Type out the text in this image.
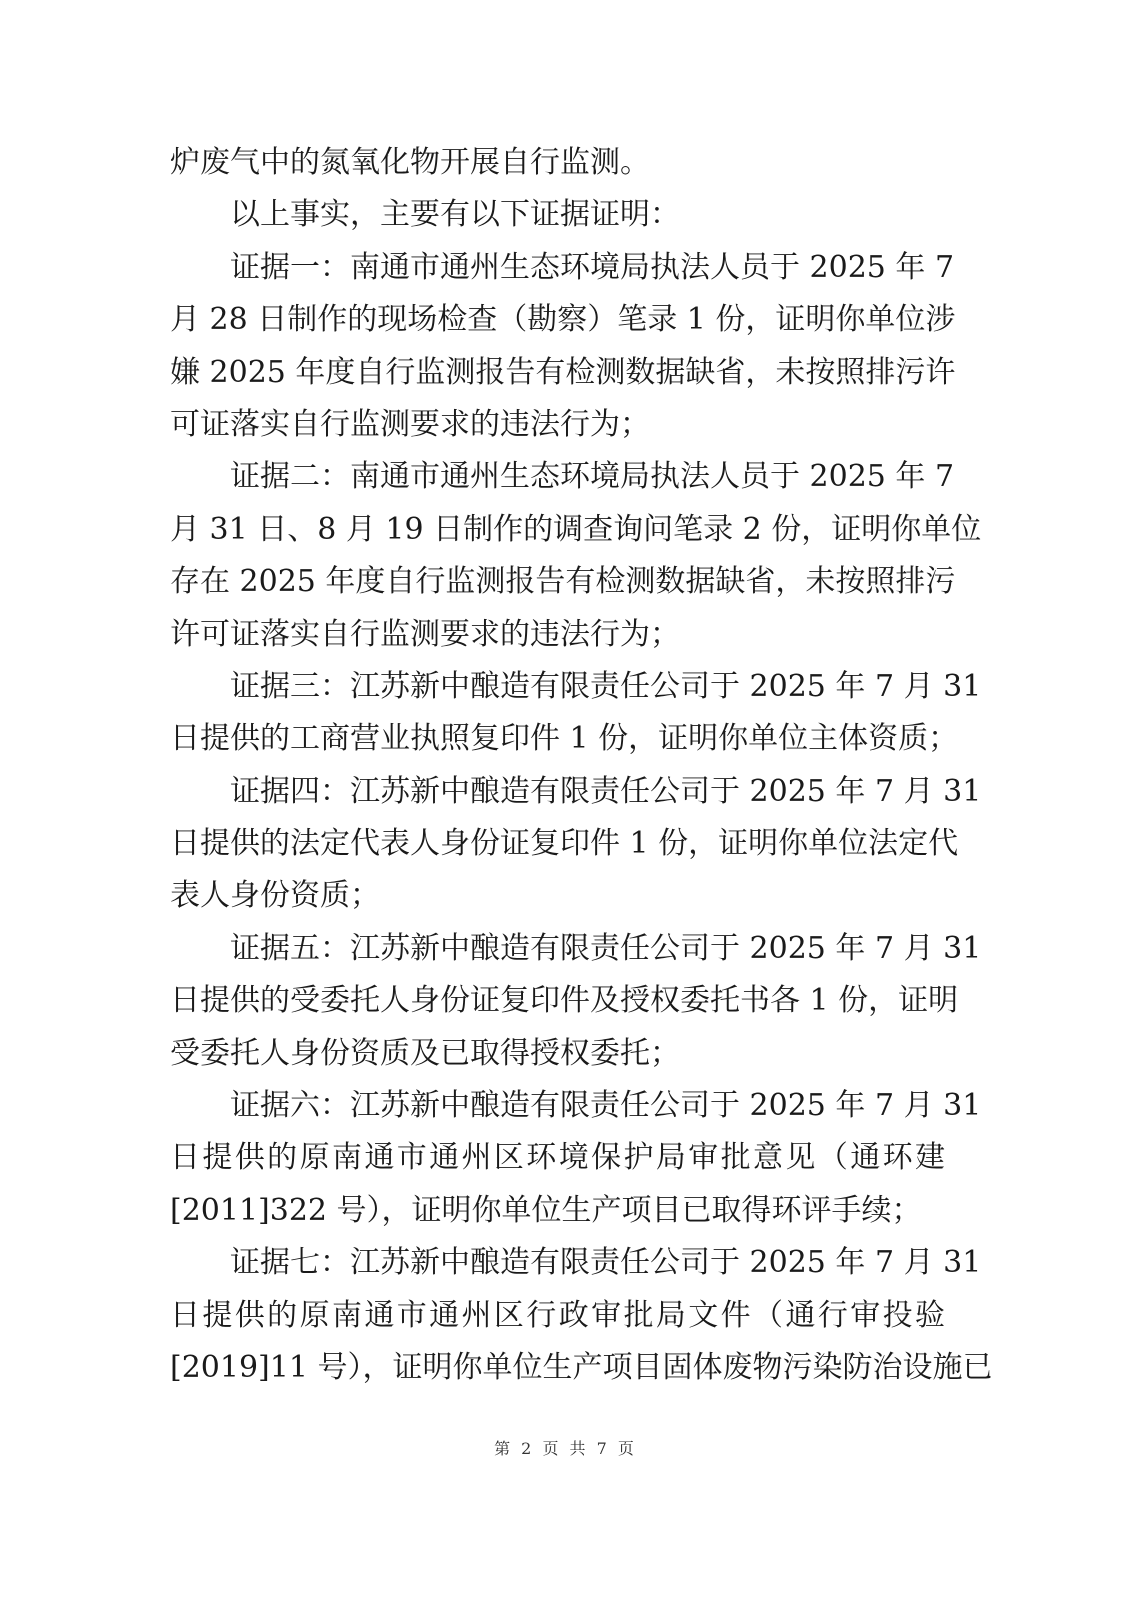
炉废气中的氮氧化物开展自行监测。
以上事实，主要有以下证据证明：
证据一：南通市通州生态环境局执法人员于 2025 年 7
月 28 日制作的现场检查（勘察）笔录 1 份，证明你单位涉
嫌 2025 年度自行监测报告有检测数据缺省，未按照排污许
可证落实自行监测要求的违法行为；
证据二：南通市通州生态环境局执法人员于 2025 年 7
月 31 日、8 月 19 日制作的调查询问笔录 2 份，证明你单位
存在 2025 年度自行监测报告有检测数据缺省，未按照排污
许可证落实自行监测要求的违法行为；
证据三：江苏新中酿造有限责任公司于 2025 年 7 月 31
日提供的工商营业执照复印件 1 份，证明你单位主体资质；
证据四：江苏新中酿造有限责任公司于 2025 年 7 月 31
日提供的法定代表人身份证复印件 1 份，证明你单位法定代
表人身份资质；
证据五：江苏新中酿造有限责任公司于 2025 年 7 月 31
日提供的受委托人身份证复印件及授权委托书各 1 份，证明
受委托人身份资质及已取得授权委托；
证据六：江苏新中酿造有限责任公司于 2025 年 7 月 31
日提供的原南通市通州区环境保护局审批意见（通环建
[2011]322 号），证明你单位生产项目已取得环评手续；
证据七：江苏新中酿造有限责任公司于 2025 年 7 月 31
日提供的原南通市通州区行政审批局文件（通行审投验
[2019]11 号），证明你单位生产项目固体废物污染防治设施已
第 2 页 共 7 页
